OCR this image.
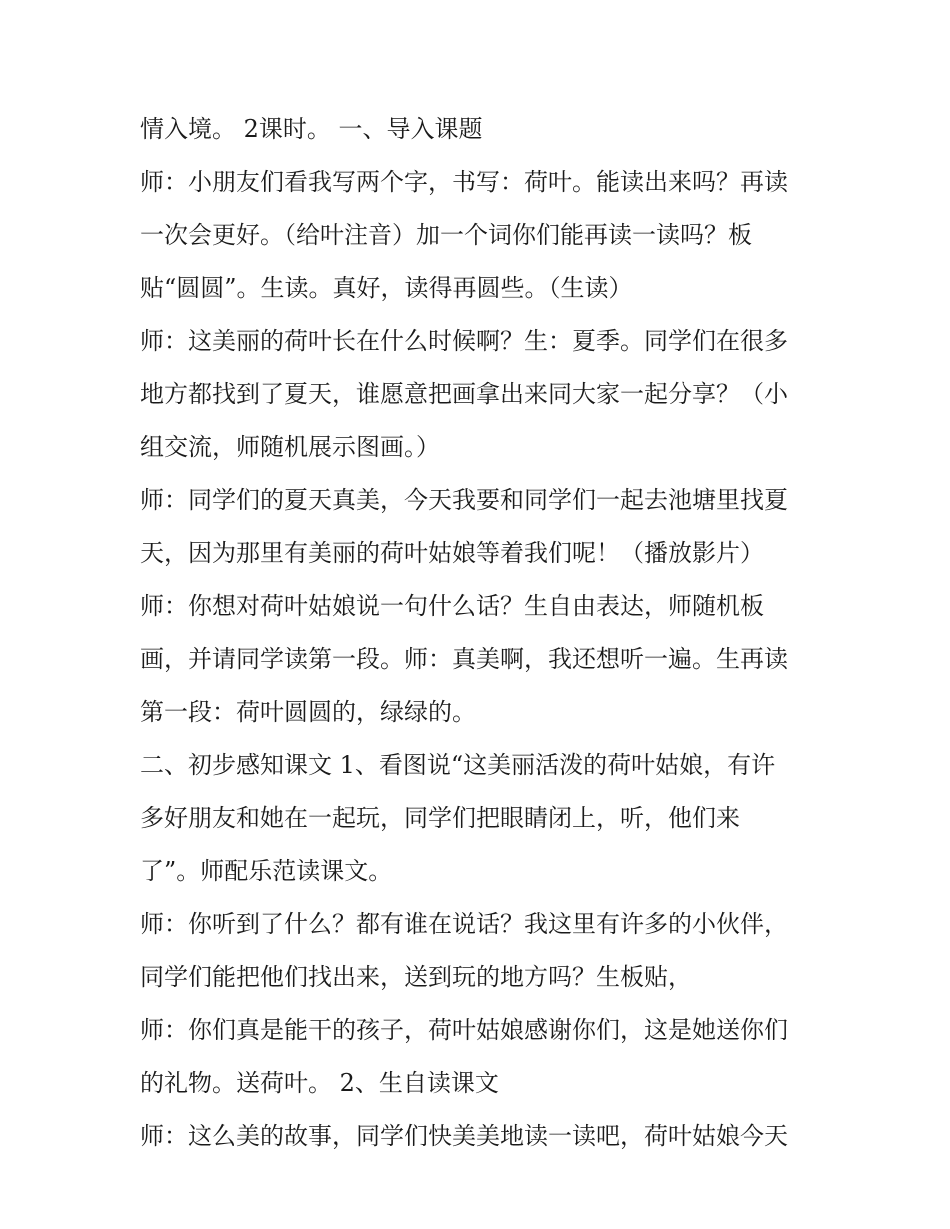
情入境。 2课时。 一、导入课题
师：小朋友们看我写两个字，书写：荷叶。能读出来吗？再读
一次会更好。（给叶注音）加一个词你们能再读一读吗？板
贴“圆圆”。生读。真好，读得再圆些。（生读）
师：这美丽的荷叶长在什么时候啊？生：夏季。同学们在很多
地方都找到了夏天，谁愿意把画拿出来同大家一起分享？（小
组交流，师随机展示图画。）
师：同学们的夏天真美，今天我要和同学们一起去池塘里找夏
天，因为那里有美丽的荷叶姑娘等着我们呢！（播放影片）
师：你想对荷叶姑娘说一句什么话？生自由表达，师随机板
画，并请同学读第一段。师：真美啊，我还想听一遍。生再读
第一段：荷叶圆圆的，绿绿的。
二、初步感知课文 1、看图说“这美丽活泼的荷叶姑娘，有许
多好朋友和她在一起玩，同学们把眼睛闭上，听，他们来
了”。师配乐范读课文。
师：你听到了什么？都有谁在说话？我这里有许多的小伙伴，
同学们能把他们找出来，送到玩的地方吗？生板贴，
师：你们真是能干的孩子，荷叶姑娘感谢你们，这是她送你们
的礼物。送荷叶。 2、生自读课文
师：这么美的故事，同学们快美美地读一读吧，荷叶姑娘今天
